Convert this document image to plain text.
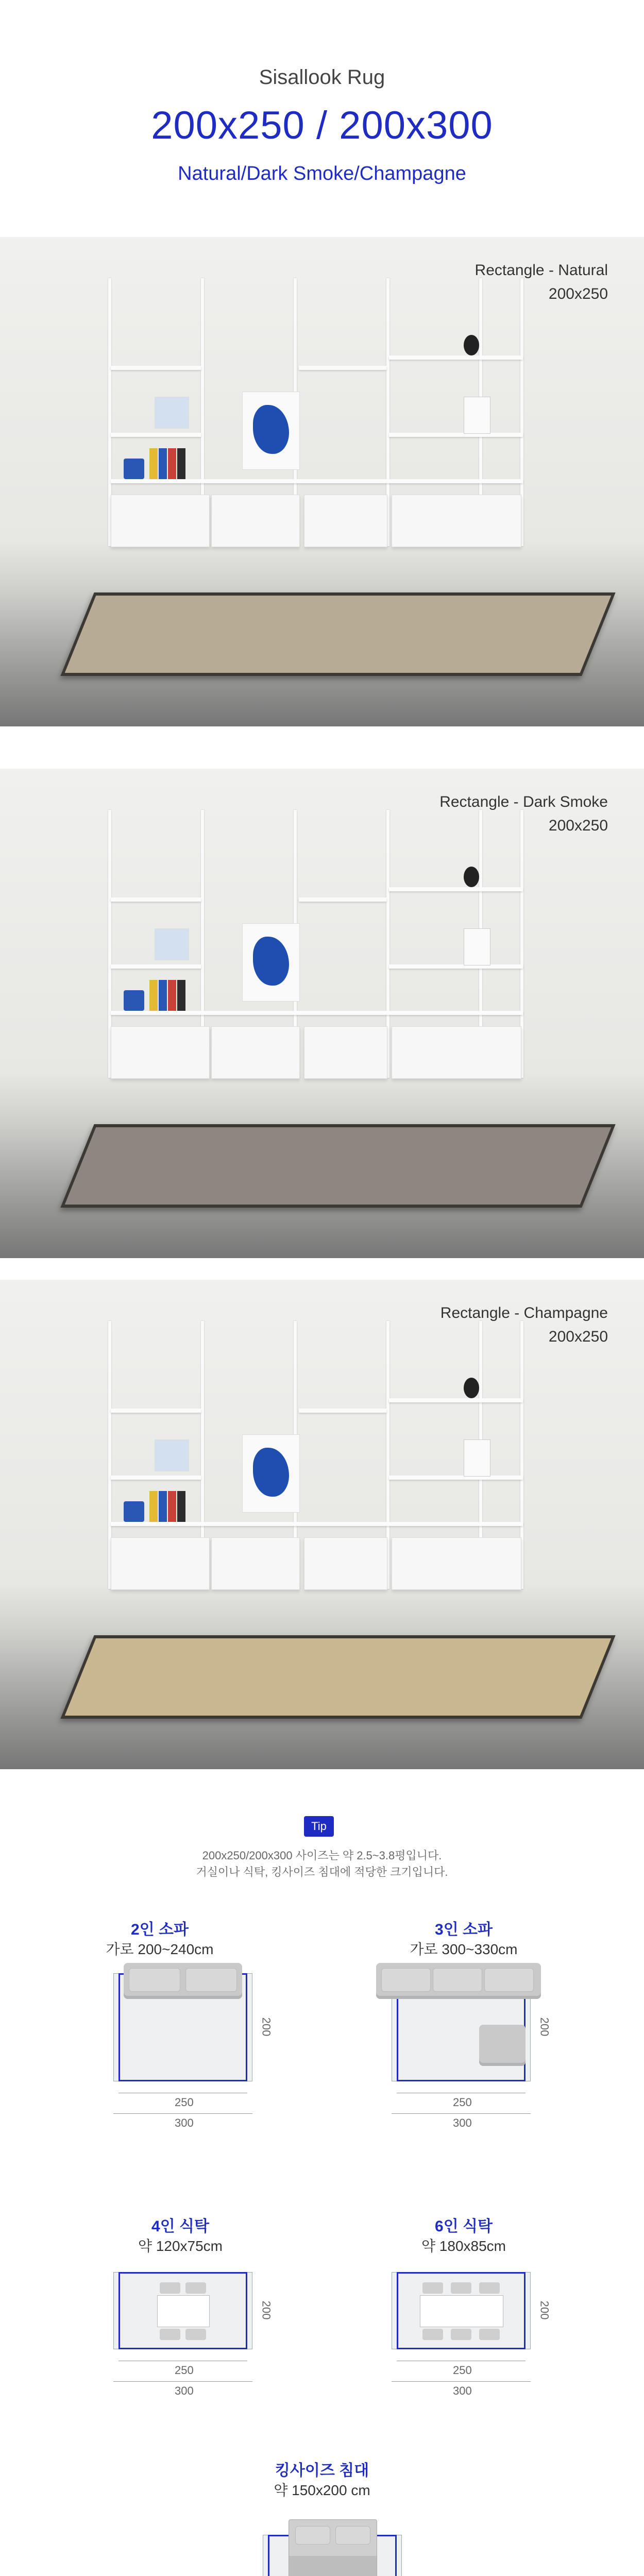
Sisallook Rug
200x250 / 200x300
Natural/Dark Smoke/Champagne
Rectangle - Natural
200x250
Rectangle - Dark Smoke
200x250
Rectangle - Champagne
200x250
Tip
200x250/200x300 사이즈는 약 2.5~3.8평입니다.
거실이나 식탁, 킹사이즈 침대에 적당한 크기입니다.
2인 소파
가로 200~240cm
200
250
300
3인 소파
가로 300~330cm
200
250
300
4인 식탁
약 120x75cm
200
250
300
6인 식탁
약 180x85cm
200
250
300
킹사이즈 침대
약 150x200 cm
